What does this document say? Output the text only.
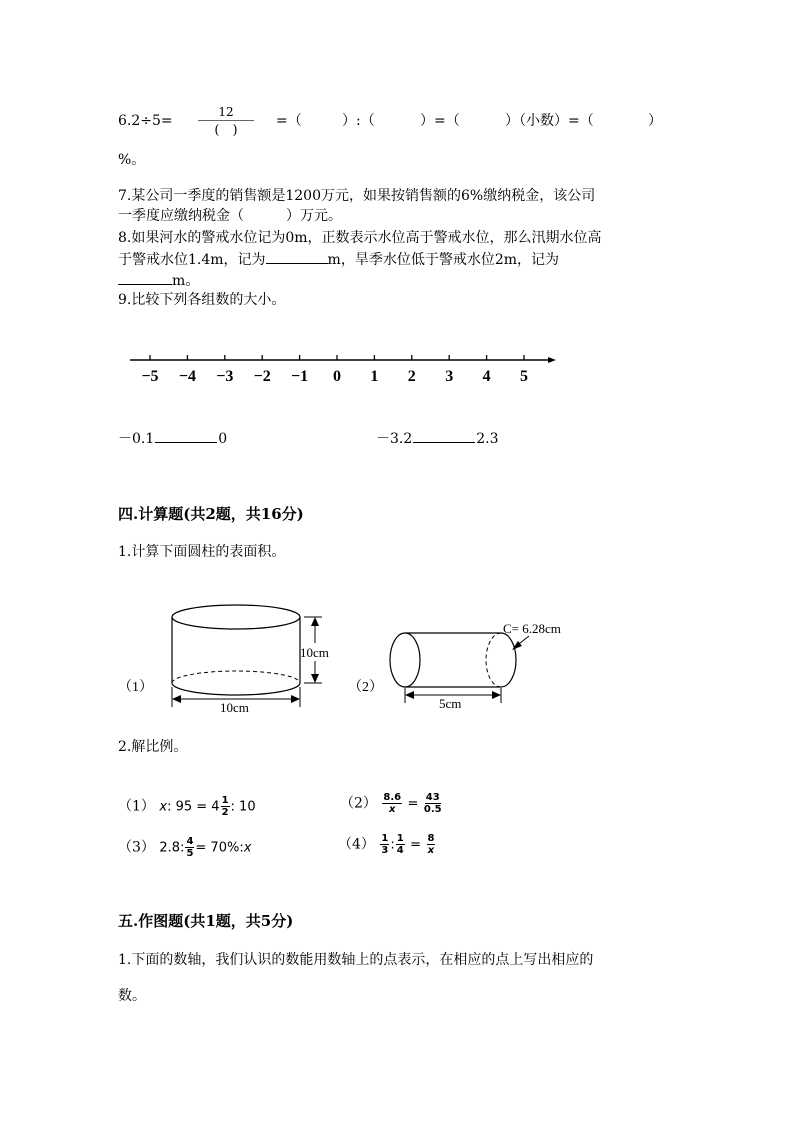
6.2÷5=
12
(　)
=（	）:（	）=（	）（小数）=（	）
%。
7.某公司一季度的销售额是1200万元，如果按销售额的6%缴纳税金，该公司
一季度应缴纳税金（　　　）万元。
8.如果河水的警戒水位记为0m，正数表示水位高于警戒水位，那么汛期水位高
于警戒水位1.4m，记为	m，旱季水位低于警戒水位2m，记为
m。
9.比较下列各组数的大小。
−5 −4 −3 −2 −1 0 1 2 3 4 5
－0.1	0	－3.2	2.3
四.计算题(共2题，共16分)
1.计算下面圆柱的表面积。
（1）
10cm
10cm
（2）
C= 6.28cm
5cm
2.解比例。
（1） x: $95 = 4 \frac{1}{2}$ : 10	$(2) \frac{8.6}{x} = \frac{43}{0.5}$
（3） 2.8: $\frac{4}{5}$ = 70%:x	$(4) \frac{1}{3}$ : $\frac{1}{4} = \frac{8}{x}$
五.作图题(共1题，共5分)
1.下面的数轴，我们认识的数能用数轴上的点表示，在相应的点上写出相应的
数。
